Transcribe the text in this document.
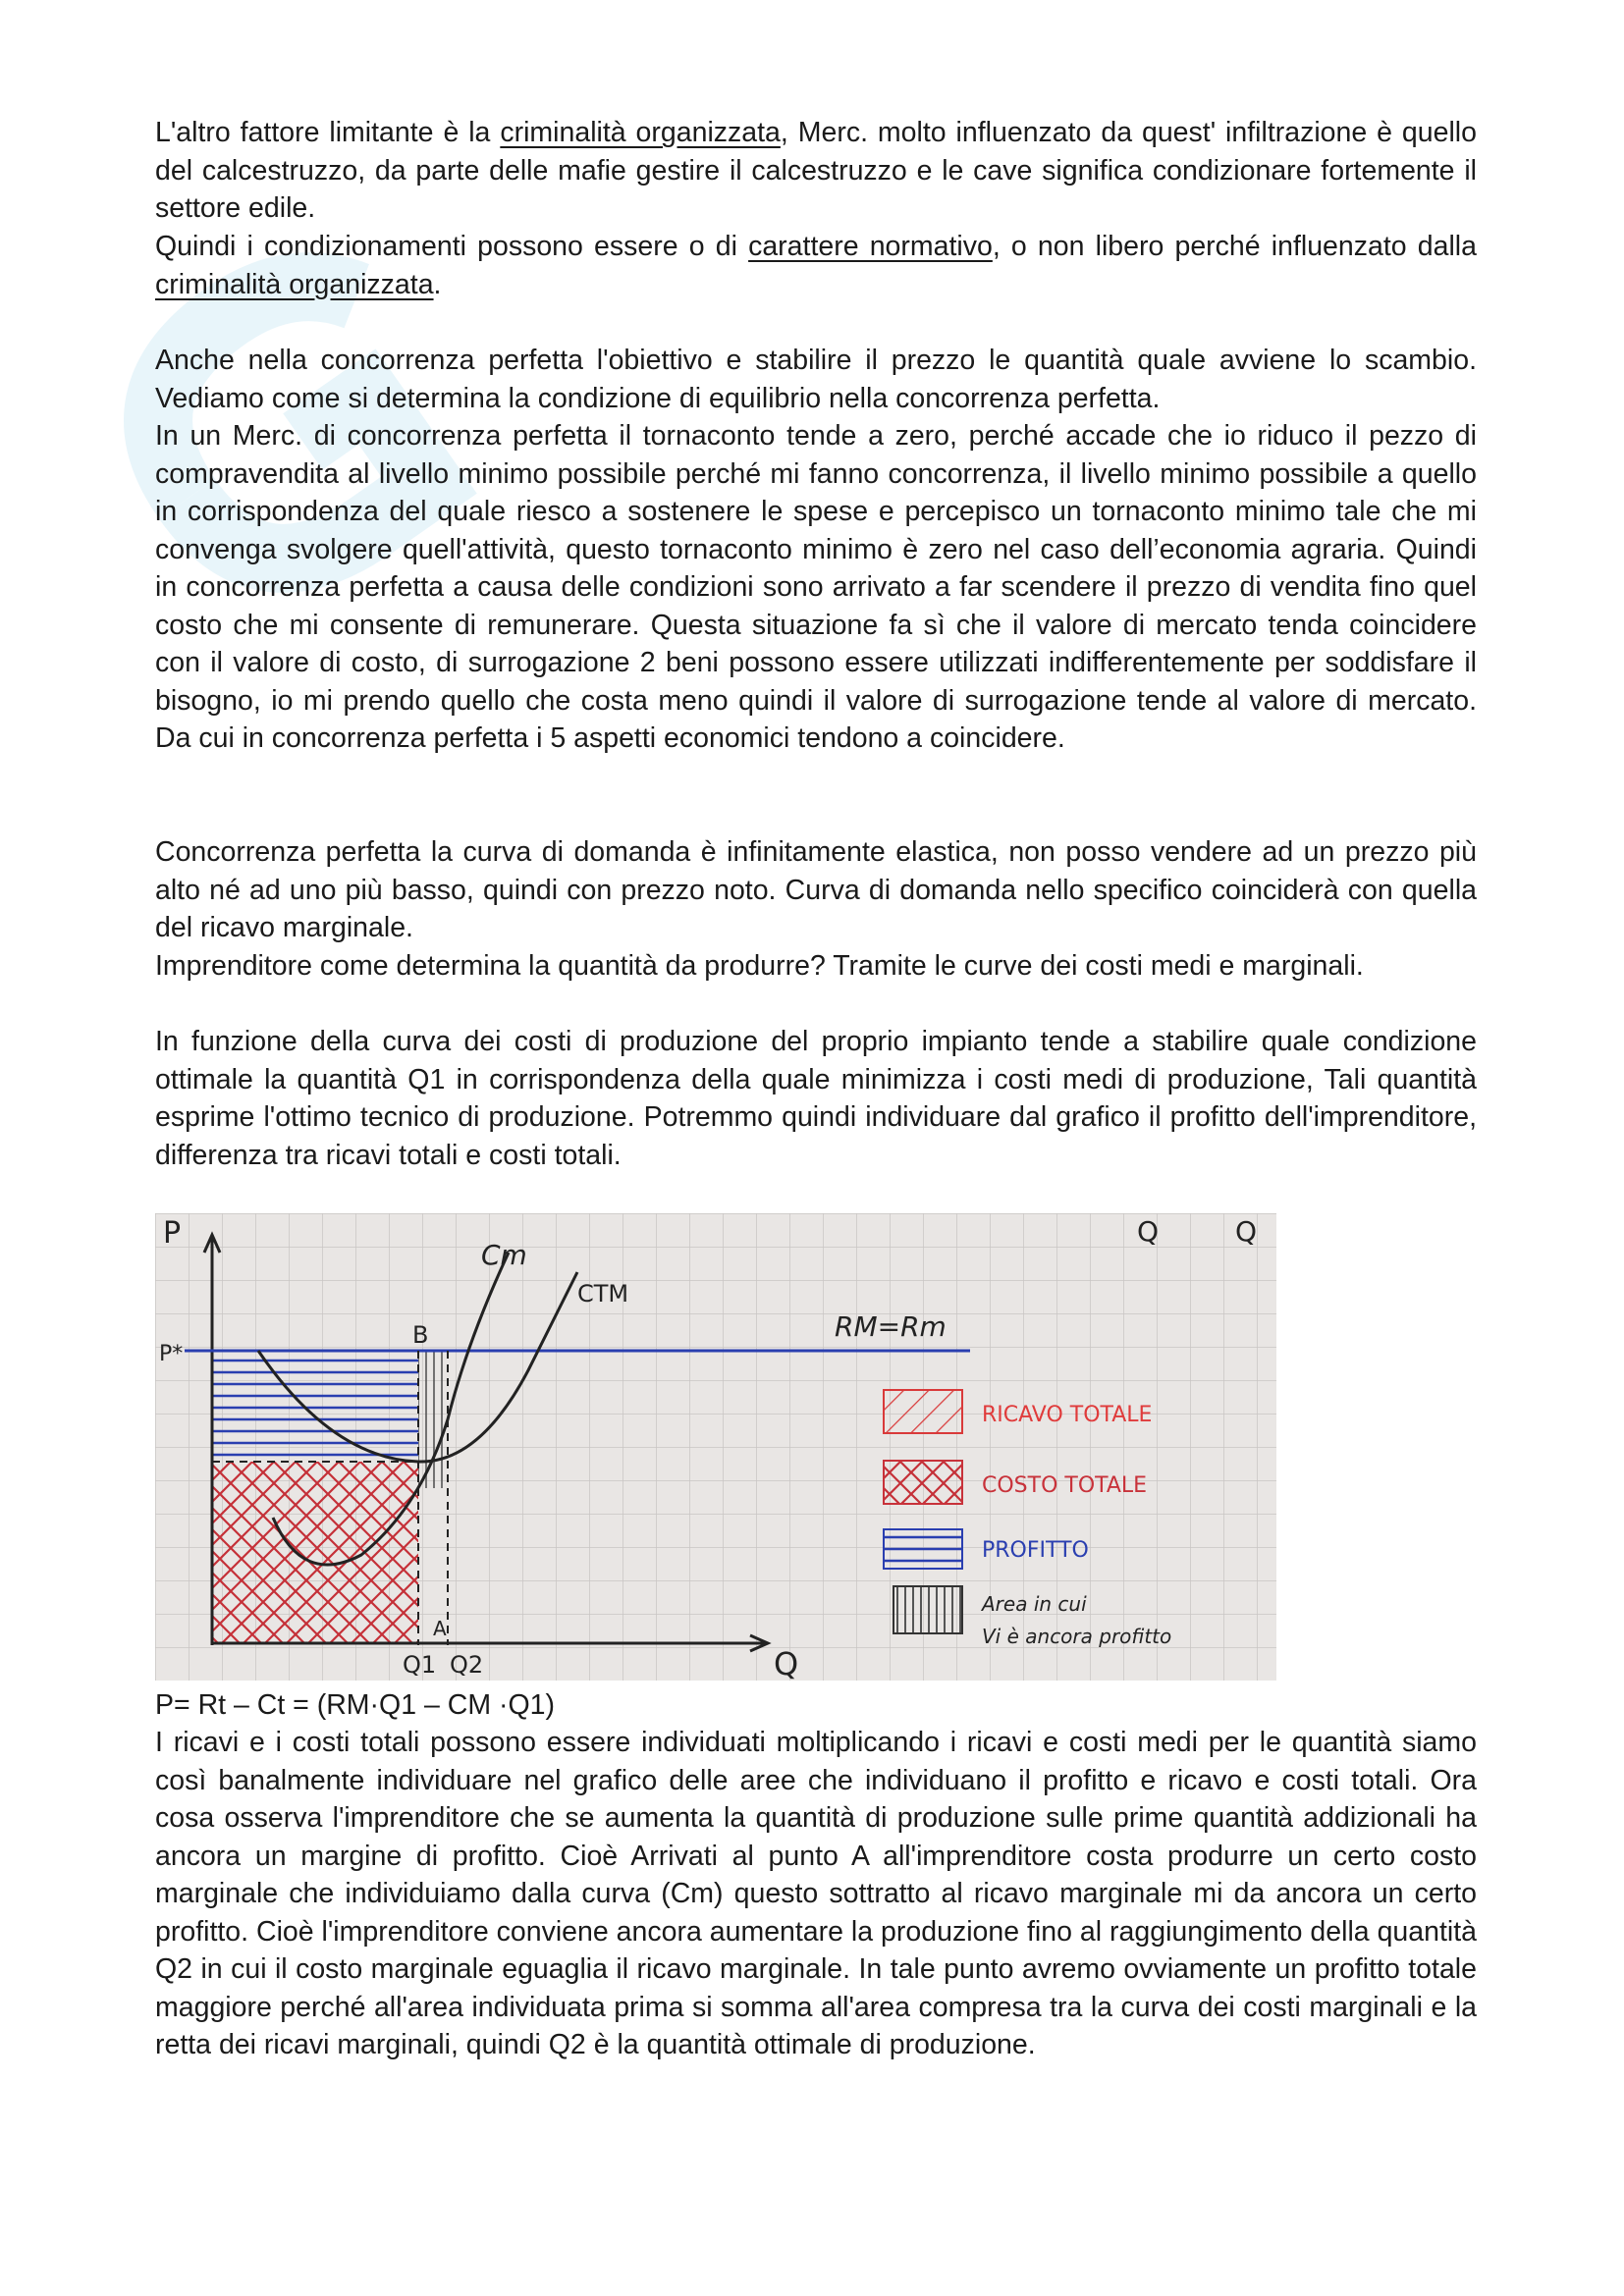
L'altro fattore limitante è la criminalità organizzata, Merc. molto influenzato da quest' infiltrazione è quello del calcestruzzo, da parte delle mafie gestire il calcestruzzo e le cave significa condizionare fortemente il settore edile.

Quindi i condizionamenti possono essere o di carattere normativo, o non libero perché influenzato dalla criminalità organizzata.

Anche nella concorrenza perfetta l'obiettivo e stabilire il prezzo le quantità quale avviene lo scambio. Vediamo come si determina la condizione di equilibrio nella concorrenza perfetta.

In un Merc. di concorrenza perfetta il tornaconto tende a zero, perché accade che io riduco il pezzo di compravendita al livello minimo possibile perché mi fanno concorrenza, il livello minimo possibile a quello in corrispondenza del quale riesco a sostenere le spese e percepisco un tornaconto minimo tale che mi convenga svolgere quell'attività, questo tornaconto minimo è zero nel caso dell’economia agraria. Quindi in concorrenza perfetta a causa delle condizioni sono arrivato a far scendere il prezzo di vendita fino quel costo che mi consente di remunerare. Questa situazione fa sì che il valore di mercato tenda coincidere con il valore di costo, di surrogazione 2 beni possono essere utilizzati indifferentemente per soddisfare il bisogno, io mi prendo quello che costa meno quindi il valore di surrogazione tende al valore di mercato. Da cui in concorrenza perfetta i 5 aspetti economici tendono a coincidere.

Concorrenza perfetta la curva di domanda è infinitamente elastica, non posso vendere ad un prezzo più alto né ad uno più basso, quindi con prezzo noto. Curva di domanda nello specifico coinciderà con quella del ricavo marginale.

Imprenditore come determina la quantità da produrre? Tramite le curve dei costi medi e marginali.

In funzione della curva dei costi di produzione del proprio impianto tende a stabilire quale condizione ottimale la quantità Q1 in corrispondenza della quale minimizza i costi medi di produzione, Tali quantità esprime l'ottimo tecnico di produzione. Potremmo quindi individuare dal grafico il profitto dell'imprenditore, differenza tra ricavi totali e costi totali.

P
P*
Cm
CTM
RM=Rm
B
A
Q1 Q2	Q
Q	Q
RICAVO TOTALE
COSTO TOTALE
PROFITTO
Area in cui
Vi è ancora profitto

P= Rt – Ct = (RM·Q1 – CM ·Q1)

I ricavi e i costi totali possono essere individuati moltiplicando i ricavi e costi medi per le quantità siamo così banalmente individuare nel grafico delle aree che individuano il profitto e ricavo e costi totali. Ora cosa osserva l'imprenditore che se aumenta la quantità di produzione sulle prime quantità addizionali ha ancora un margine di profitto. Cioè Arrivati al punto A all'imprenditore costa produrre un certo costo marginale che individuiamo dalla curva (Cm) questo sottratto al ricavo marginale mi da ancora un certo profitto. Cioè l'imprenditore conviene ancora aumentare la produzione fino al raggiungimento della quantità Q2 in cui il costo marginale eguaglia il ricavo marginale. In tale punto avremo ovviamente un profitto totale maggiore perché all'area individuata prima si somma all'area compresa tra la curva dei costi marginali e la retta dei ricavi marginali, quindi Q2 è la quantità ottimale di produzione.
